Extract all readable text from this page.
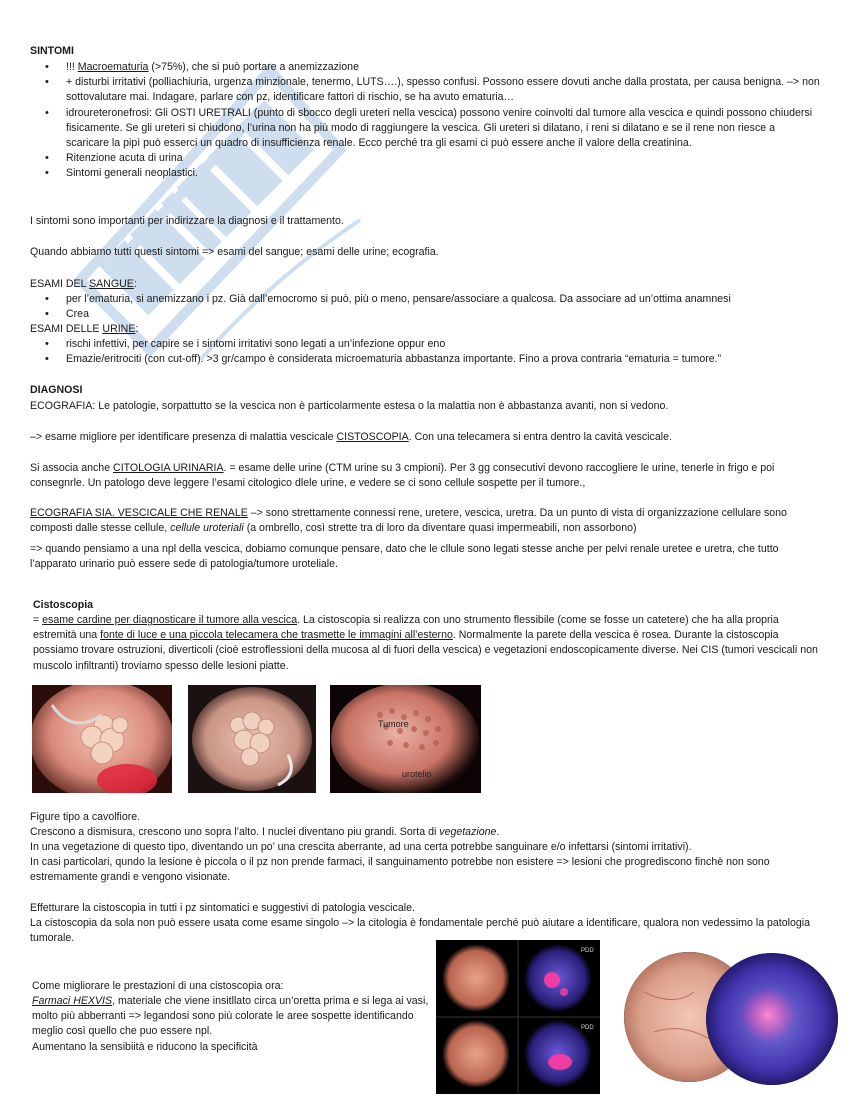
SINTOMI
• !!! Macroematuria (>75%), che si può portare a anemizzazione
• + disturbi irritativi (polliachiuria, urgenza minzionale, tenermo, LUTS….), spesso confusi. Possono essere dovuti anche dalla prostata, per causa benigna. –> non sottovalutare mai. Indagare, parlare con pz, identificare fattori di rischio, se ha avuto ematuria…
• idroureteronefrosi: Gli OSTI URETRALI (punto di sbocco degli ureteri nella vescica) possono venire coinvolti dal tumore alla vescica e quindi possono chiudersi fisicamente. Se gli ureteri si chiudono, l’urina non ha più modo di raggiungere la vescica. Gli ureteri si dilatano, i reni si dilatano e se il rene non riesce a scaricare la pipì può esserci un quadro di insufficienza renale. Ecco perché tra gli esami ci può essere anche il valore della creatinina.
• Ritenzione acuta di urina
• Sintomi generali neoplastici.
I sintomi sono importanti per indirizzare la diagnosi e il trattamento.
Quando abbiamo tutti questi sintomi => esami del sangue; esami delle urine; ecografia.
ESAMI DEL SANGUE:
• per l’ematuria, si anemizzano i pz. Già dall’emocromo si può, più o meno, pensare/associare a qualcosa. Da associare ad un’ottima anamnesi
• Crea
ESAMI DELLE URINE:
• rischi infettivi, per capire se i sintomi irritativi sono legati a un’infezione oppur eno
• Emazie/eritrociti (con cut-off). >3 gr/campo è considerata microematuria abbastanza importante. Fino a prova contraria “ematuria = tumore.”
DIAGNOSI
ECOGRAFIA: Le patologie, sorpattutto se la vescica non è particolarmente estesa o la malattia non è abbastanza avanti, non si vedono.
–> esame migliore per identificare presenza di malattia vescicale CISTOSCOPIA. Con una telecamera si entra dentro la cavità vescicale.
Si associa anche CITOLOGIA URINARIA. = esame delle urine (CTM urine su 3 cmpioni). Per 3 gg consecutivi devono raccogliere le urine, tenerle in frigo e poi consegnrle. Un patologo deve leggere l’esami citologico dlele urine, e vedere se ci sono cellule sospette per il tumore.,
ECOGRAFIA SIA. VESCICALE CHE RENALE –> sono strettamente connessi rene, uretere, vescica, uretra. Da un punto di vista di organizzazione cellulare sono composti dalle stesse cellule, cellule uroteriali (a ombrello, così strette tra di loro da diventare quasi impermeabili, non assorbono)
=> quando pensiamo a una npl della vescica, dobiamo comunque pensare, dato che le cllule sono legati stesse anche per pelvi renale uretee e uretra, che tutto l’apparato urinario può essere sede di patologia/tumore uroteliale.
Cistoscopia
= esame cardine per diagnosticare il tumore alla vescica. La cistoscopia si realizza con uno strumento flessibile (come se fosse un catetere) che ha alla propria estremità una fonte di luce e una piccola telecamera che trasmette le immagini all’esterno. Normalmente la parete della vescica è rosea. Durante la cistoscopia possiamo trovare ostruzioni, diverticoli (cioè estroflessioni della mucosa al di fuori della vescica) e vegetazioni endoscopicamente diverse. Nei CIS (tumori vescicali non muscolo infiltranti) troviamo spesso delle lesioni piatte.
Tumore
urotelio
Figure tipo a cavolfiore.
Crescono a dismisura, crescono uno sopra l’alto. I nuclei diventano piu grandi. Sorta di vegetazione.
In una vegetazione di questo tipo, diventando un po’ una crescita aberrante, ad una certa potrebbe sanguinare e/o infettarsi (sintomi irritativi).
In casi particolari, qundo la lesione è piccola o il pz non prende farmaci, il sanguinamento potrebbe non esistere => lesioni che progrediscono finchè non sono estremamente grandi e vengono visionate.
Effetturare la cistoscopia in tutti i pz sintomatici e suggestivi di patologia vescicale.
La cistoscopia da sola non può essere usata come esame singolo –> la citologia è fondamentale perché può aiutare a identificare, qualora non vedessimo la patologia tumorale.
Come migliorare le prestazioni di una cistoscopia ora:
Farmaci HEXVIS, materiale che viene insitllato circa un’oretta prima e si lega ai vasi, molto più abberranti => legandosi sono più colorate le aree sospette identificando meglio così quello che puo essere npl.
Aumentano la sensibiità e riducono la specificità
PDD
PDD
